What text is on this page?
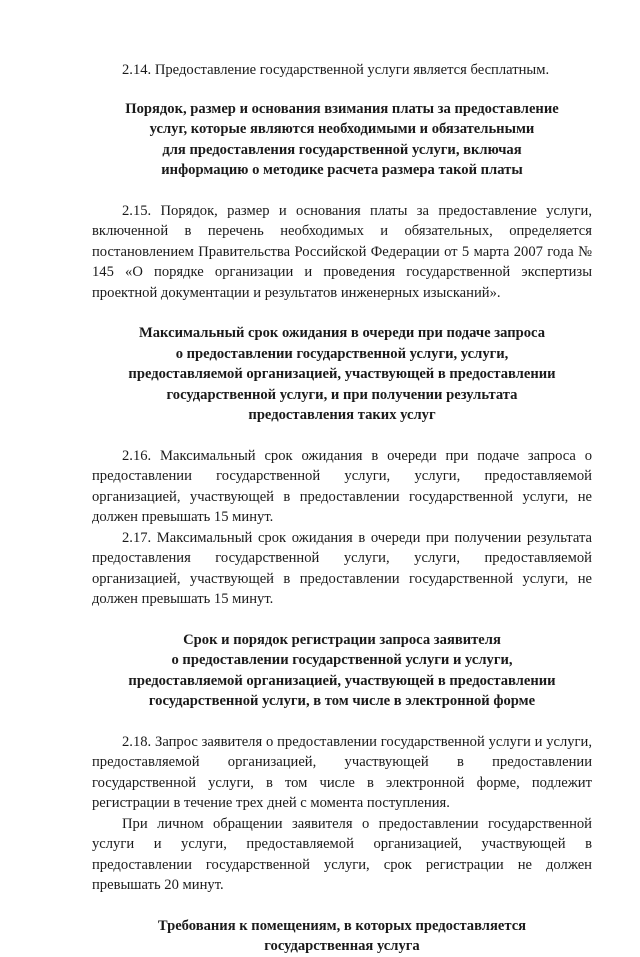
2.14. Предоставление государственной услуги является бесплатным.

Порядок, размер и основания взимания платы за предоставление
услуг, которые являются необходимыми и обязательными
для предоставления государственной услуги, включая
информацию о методике расчета размера такой платы

2.15. Порядок, размер и основания платы за предоставление услуги, включенной в перечень необходимых и обязательных, определяется постановлением Правительства Российской Федерации от 5 марта 2007 года № 145 «О порядке организации и проведения государственной экспертизы проектной документации и результатов инженерных изысканий».

Максимальный срок ожидания в очереди при подаче запроса
о предоставлении государственной услуги, услуги,
предоставляемой организацией, участвующей в предоставлении
государственной услуги, и при получении результата
предоставления таких услуг

2.16. Максимальный срок ожидания в очереди при подаче запроса о предоставлении государственной услуги, услуги, предоставляемой организацией, участвующей в предоставлении государственной услуги, не должен превышать 15 минут.

2.17. Максимальный срок ожидания в очереди при получении результата предоставления государственной услуги, услуги, предоставляемой организацией, участвующей в предоставлении государственной услуги, не должен превышать 15 минут.

Срок и порядок регистрации запроса заявителя
о предоставлении государственной услуги и услуги,
предоставляемой организацией, участвующей в предоставлении
государственной услуги, в том числе в электронной форме

2.18. Запрос заявителя о предоставлении государственной услуги и услуги, предоставляемой организацией, участвующей в предоставлении государственной услуги, в том числе в электронной форме, подлежит регистрации в течение трех дней с момента поступления.

При личном обращении заявителя о предоставлении государственной услуги и услуги, предоставляемой организацией, участвующей в предоставлении государственной услуги, срок регистрации не должен превышать 20 минут.

Требования к помещениям, в которых предоставляется
государственная услуга
